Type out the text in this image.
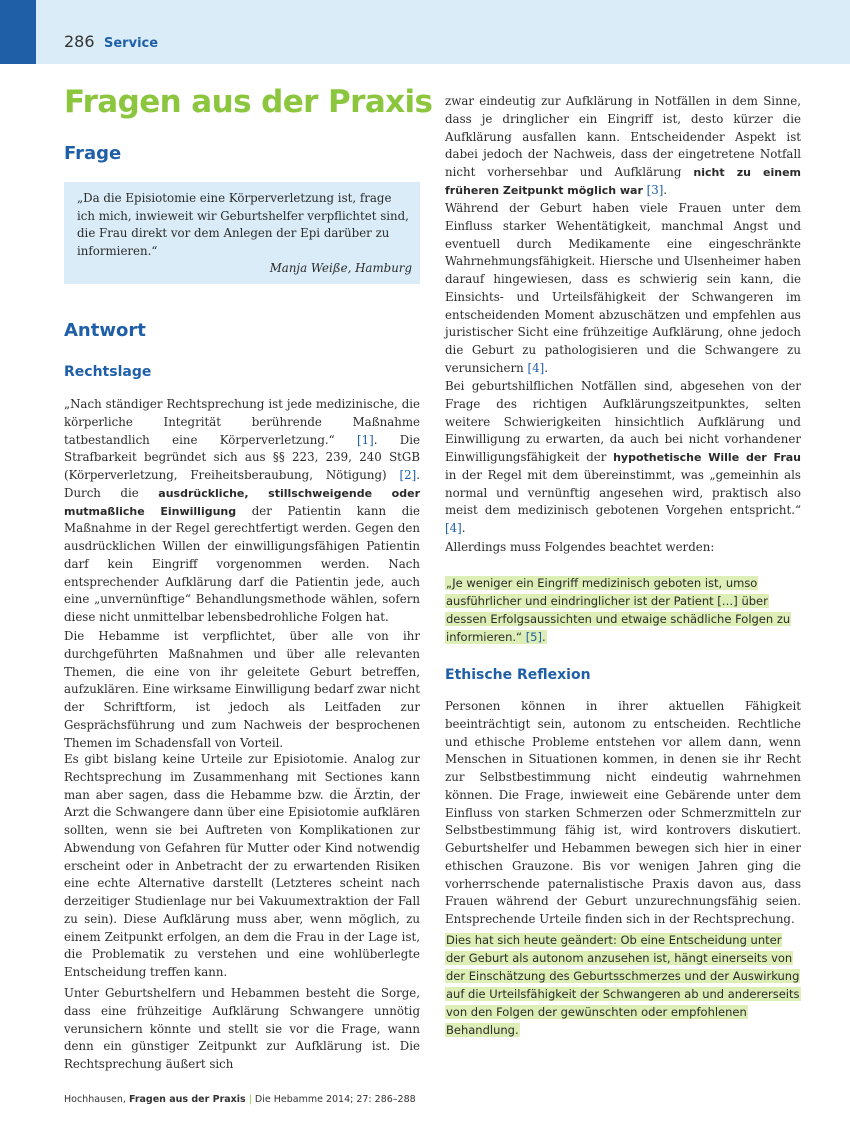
286 Service
Fragen aus der Praxis
Frage
„Da die Episiotomie eine Körperverletzung ist, frage ich mich, inwieweit wir Geburtshelfer verpflichtet sind, die Frau direkt vor dem Anlegen der Epi darüber zu informieren.“
Manja Weiße, Hamburg
Antwort
Rechtslage
„Nach ständiger Rechtsprechung ist jede medizinische, die körperliche Integrität berührende Maßnahme tatbestandlich eine Körperverletzung.“ [1]. Die Strafbarkeit begründet sich aus §§ 223, 239, 240 StGB (Körperverletzung, Freiheitsberaubung, Nötigung) [2]. Durch die ausdrückliche, stillschweigende oder mutmaßliche Einwilligung der Patientin kann die Maßnahme in der Regel gerechtfertigt werden. Gegen den ausdrücklichen Willen der einwilligungsfähigen Patientin darf kein Eingriff vorgenommen werden. Nach entsprechender Aufklärung darf die Patientin jede, auch eine „unvernünftige“ Behandlungsmethode wählen, sofern diese nicht unmittelbar lebensbedrohliche Folgen hat.
Die Hebamme ist verpflichtet, über alle von ihr durchgeführten Maßnahmen und über alle relevanten Themen, die eine von ihr geleitete Geburt betreffen, aufzuklären. Eine wirksame Einwilligung bedarf zwar nicht der Schriftform, ist jedoch als Leitfaden zur Gesprächsführung und zum Nachweis der besprochenen Themen im Schadensfall von Vorteil.
Es gibt bislang keine Urteile zur Episiotomie. Analog zur Rechtsprechung im Zusammenhang mit Sectiones kann man aber sagen, dass die Hebamme bzw. die Ärztin, der Arzt die Schwangere dann über eine Episiotomie aufklären sollten, wenn sie bei Auftreten von Komplikationen zur Abwendung von Gefahren für Mutter oder Kind notwendig erscheint oder in Anbetracht der zu erwartenden Risiken eine echte Alternative darstellt (Letzteres scheint nach derzeitiger Studienlage nur bei Vakuumextraktion der Fall zu sein). Diese Aufklärung muss aber, wenn möglich, zu einem Zeitpunkt erfolgen, an dem die Frau in der Lage ist, die Problematik zu verstehen und eine wohlüberlegte Entscheidung treffen kann.
Unter Geburtshelfern und Hebammen besteht die Sorge, dass eine frühzeitige Aufklärung Schwangere unnötig verunsichern könnte und stellt sie vor die Frage, wann denn ein günstiger Zeitpunkt zur Aufklärung ist. Die Rechtsprechung äußert sich
zwar eindeutig zur Aufklärung in Notfällen in dem Sinne, dass je dringlicher ein Eingriff ist, desto kürzer die Aufklärung ausfallen kann. Entscheidender Aspekt ist dabei jedoch der Nachweis, dass der eingetretene Notfall nicht vorhersehbar und Aufklärung nicht zu einem früheren Zeitpunkt möglich war [3].
Während der Geburt haben viele Frauen unter dem Einfluss starker Wehentätigkeit, manchmal Angst und eventuell durch Medikamente eine eingeschränkte Wahrnehmungsfähigkeit. Hiersche und Ulsenheimer haben darauf hingewiesen, dass es schwierig sein kann, die Einsichts- und Urteilsfähigkeit der Schwangeren im entscheidenden Moment abzuschätzen und empfehlen aus juristischer Sicht eine frühzeitige Aufklärung, ohne jedoch die Geburt zu pathologisieren und die Schwangere zu verunsichern [4].
Bei geburtshilflichen Notfällen sind, abgesehen von der Frage des richtigen Aufklärungszeitpunktes, selten weitere Schwierigkeiten hinsichtlich Aufklärung und Einwilligung zu erwarten, da auch bei nicht vorhandener Einwilligungsfähigkeit der hypothetische Wille der Frau in der Regel mit dem übereinstimmt, was „gemeinhin als normal und vernünftig angesehen wird, praktisch also meist dem medizinisch gebotenen Vorgehen entspricht.“ [4].
Allerdings muss Folgendes beachtet werden:
„Je weniger ein Eingriff medizinisch geboten ist, umso ausführlicher und eindringlicher ist der Patient […] über dessen Erfolgsaussichten und etwaige schädliche Folgen zu informieren.“ [5].
Ethische Reflexion
Personen können in ihrer aktuellen Fähigkeit beeinträchtigt sein, autonom zu entscheiden. Rechtliche und ethische Probleme entstehen vor allem dann, wenn Menschen in Situationen kommen, in denen sie ihr Recht zur Selbstbestimmung nicht eindeutig wahrnehmen können. Die Frage, inwieweit eine Gebärende unter dem Einfluss von starken Schmerzen oder Schmerzmitteln zur Selbstbestimmung fähig ist, wird kontrovers diskutiert. Geburtshelfer und Hebammen bewegen sich hier in einer ethischen Grauzone. Bis vor wenigen Jahren ging die vorherrschende paternalistische Praxis davon aus, dass Frauen während der Geburt unzurechnungsfähig seien. Entsprechende Urteile finden sich in der Rechtsprechung.
Dies hat sich heute geändert: Ob eine Entscheidung unter der Geburt als autonom anzusehen ist, hängt einerseits von der Einschätzung des Geburtsschmerzes und der Auswirkung auf die Urteilsfähigkeit der Schwangeren ab und andererseits von den Folgen der gewünschten oder empfohlenen Behandlung.
Hochhausen, Fragen aus der Praxis | Die Hebamme 2014; 27: 286–288
